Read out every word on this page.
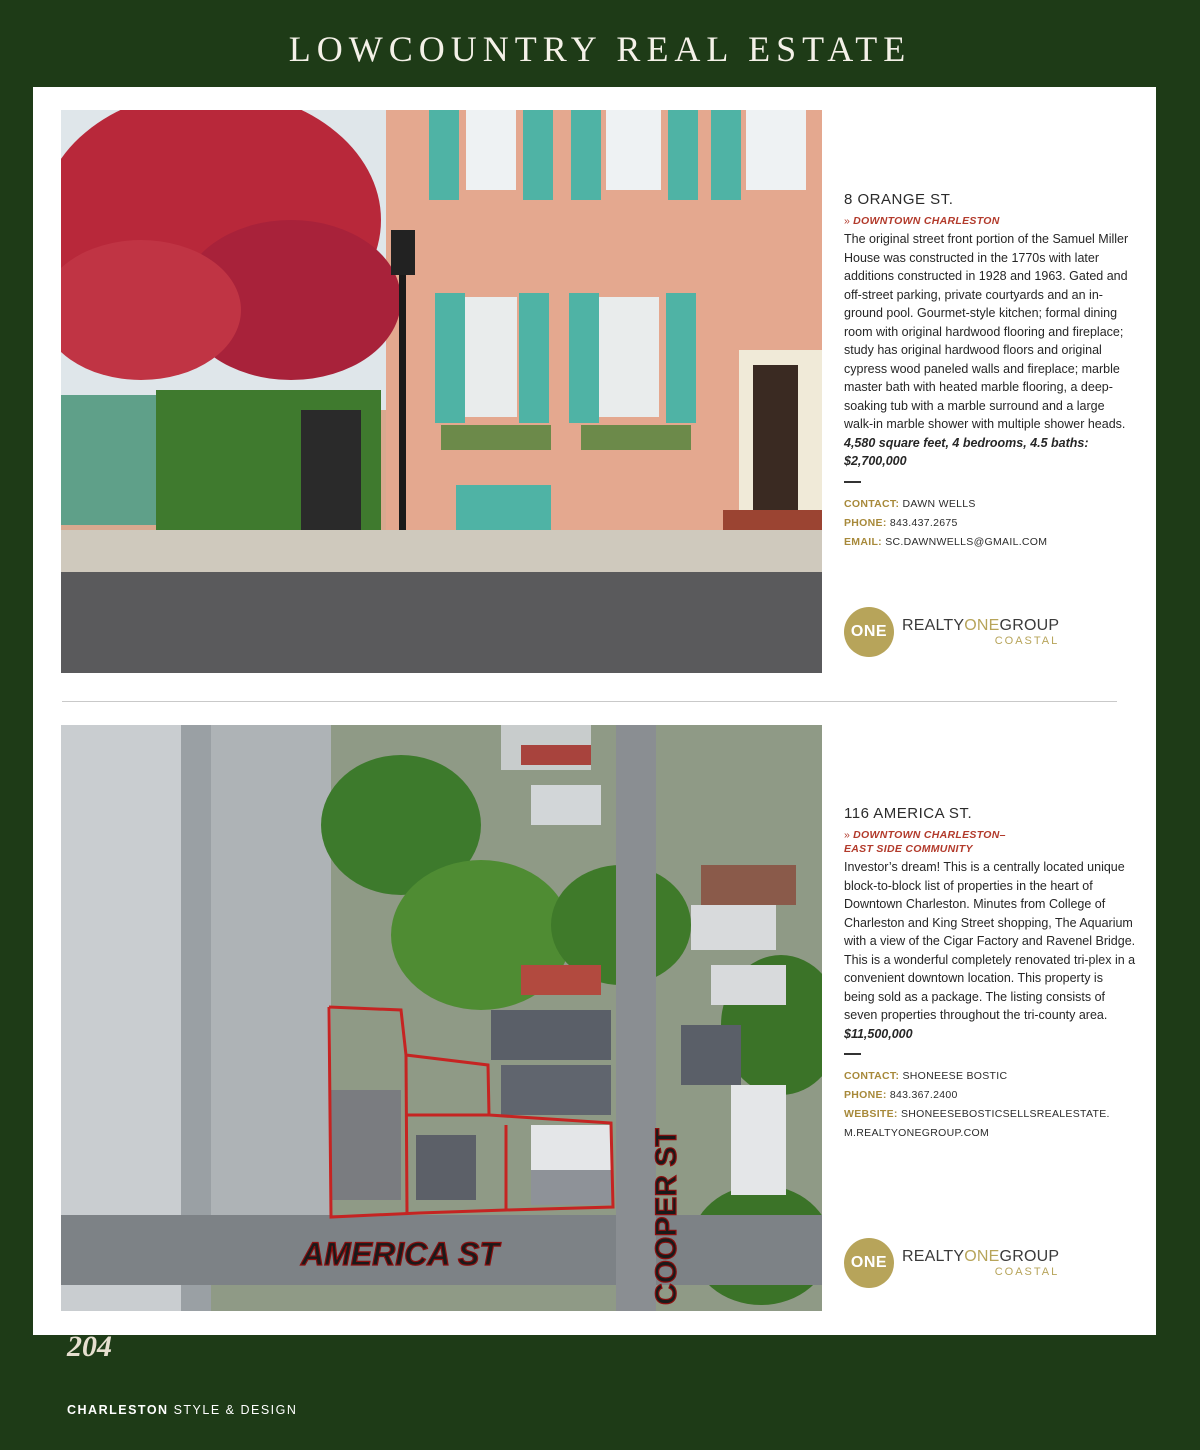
LOWCOUNTRY REAL ESTATE
8 ORANGE ST.
» DOWNTOWN CHARLESTON
The original street front portion of the Samuel Miller House was constructed in the 1770s with later additions constructed in 1928 and 1963. Gated and off-street parking, private courtyards and an in-ground pool. Gourmet-style kitchen; formal dining room with original hardwood flooring and fireplace; study has original hardwood floors and original cypress wood paneled walls and fireplace; marble master bath with heated marble flooring, a deep-soaking tub with a marble surround and a large walk-in marble shower with multiple shower heads. 4,580 square feet, 4 bedrooms, 4.5 baths: $2,700,000
CONTACT: DAWN WELLS
PHONE: 843.437.2675
EMAIL: SC.DAWNWELLS@GMAIL.COM
ONE REALTYONEGROUP
COASTAL
AMERICA ST	COOPER ST
116 AMERICA ST.
» DOWNTOWN CHARLESTON–
EAST SIDE COMMUNITY
Investor’s dream! This is a centrally located unique block-to-block list of properties in the heart of Downtown Charleston. Minutes from College of Charleston and King Street shopping, The Aquarium with a view of the Cigar Factory and Ravenel Bridge. This is a wonderful completely renovated tri-plex in a convenient downtown location. This property is being sold as a package. The listing consists of seven properties throughout the tri-county area. $11,500,000
CONTACT: SHONEESE BOSTIC
PHONE: 843.367.2400
WEBSITE: SHONEESEBOSTICSELLSREALESTATE.
M.REALTYONEGROUP.COM
ONE REALTYONEGROUP
COASTAL
204
CHARLESTON STYLE & DESIGN
